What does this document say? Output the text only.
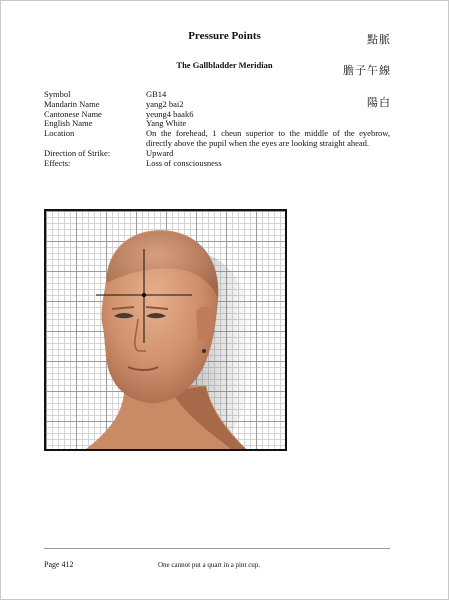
Pressure Points
The Gallbladder Meridian
點脈
膽子午線
陽白
Symbol	GB14
Mandarin Name	yang2 bai2
Cantonese Name	yeung4 baak6
English Name	Yang White
Location	On the forehead, 1 cheun superior to the middle of the eyebrow, directly above the pupil when the eyes are looking straight ahead.
Direction of Strike:	Upward
Effects:	Loss of consciousness
Page 412	One cannot put a quart in a pint cup.
